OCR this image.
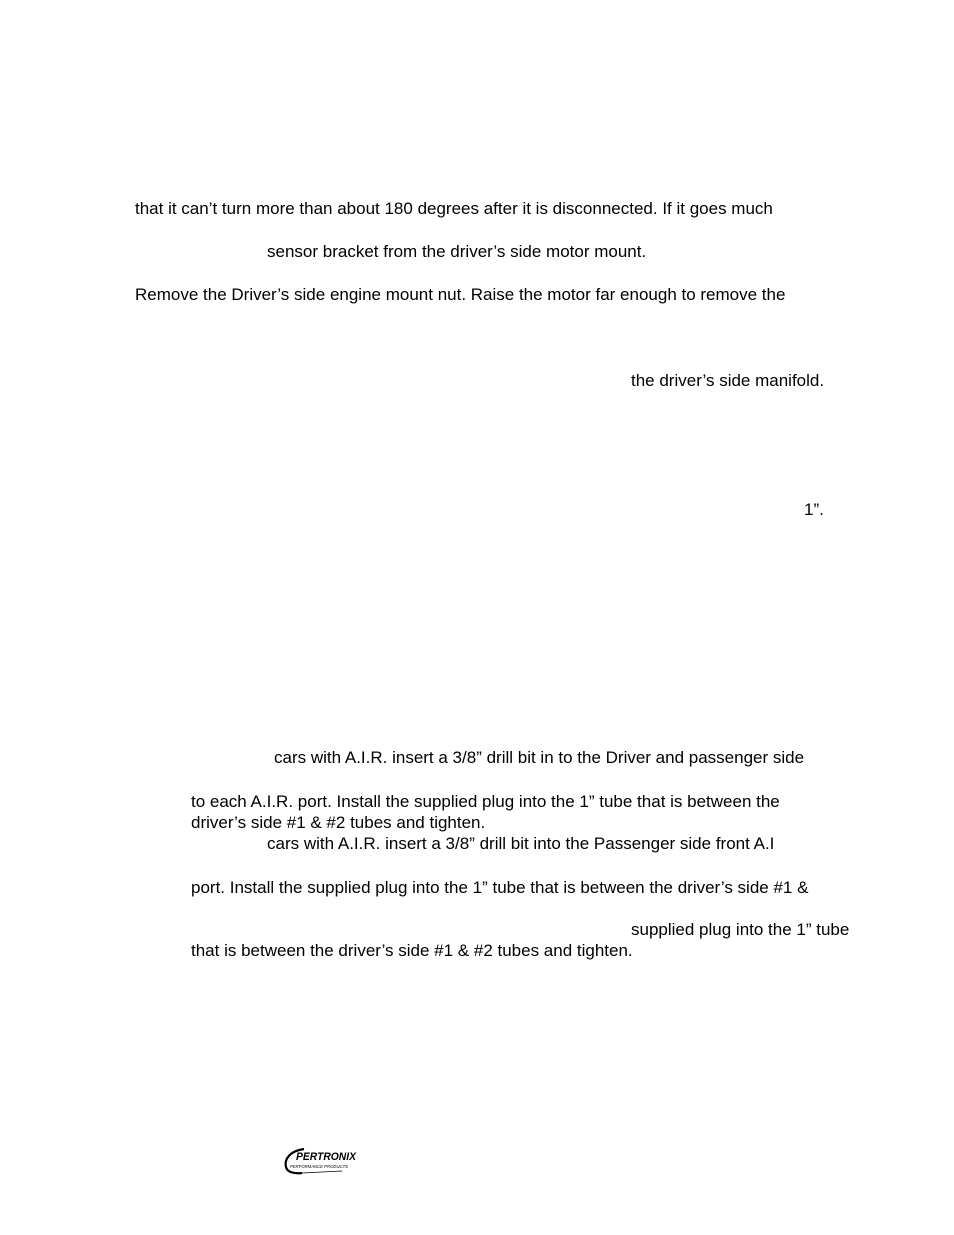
that it can’t turn more than about 180 degrees after it is disconnected. If it goes much
sensor bracket from the driver’s side motor mount.
Remove the Driver’s side engine mount nut. Raise the motor far enough to remove the
the driver’s side manifold.
1”.
cars with A.I.R. insert a 3/8” drill bit in to the Driver and passenger side
to each A.I.R. port. Install the supplied plug into the 1” tube that is between the
driver’s side #1 & #2 tubes and tighten.
cars with A.I.R. insert a 3/8” drill bit into the Passenger side front A.I
port. Install the supplied plug into the 1” tube that is between the driver’s side #1 &
supplied plug into the 1” tube
that is between the driver’s side #1 & #2 tubes and tighten.
PERTRONIX
PERFORMANCE PRODUCTS
